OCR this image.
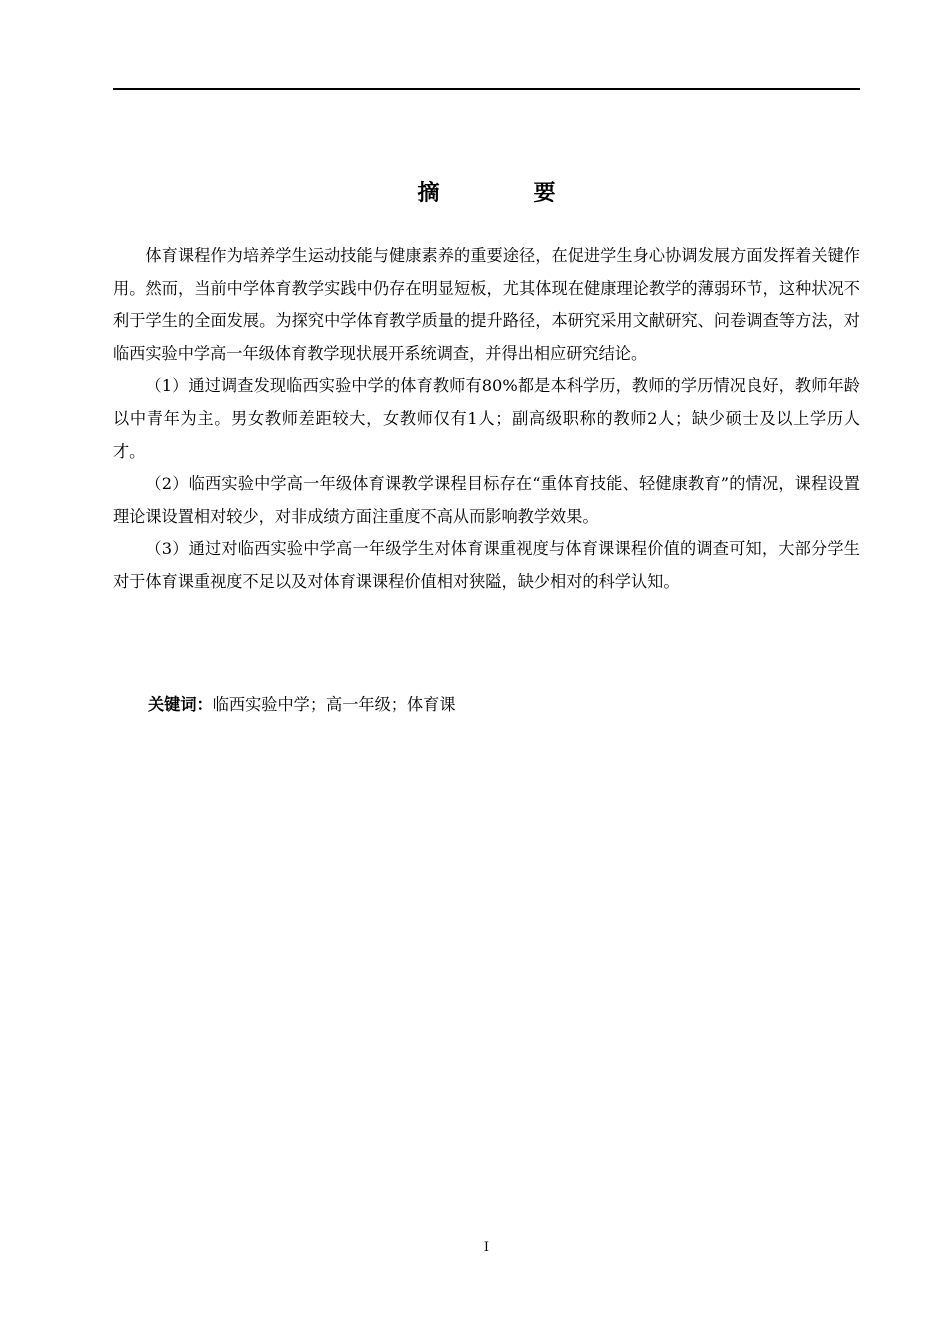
摘　要

体育课程作为培养学生运动技能与健康素养的重要途径，在促进学生身心协调发展方面发挥着关键作用。然而，当前中学体育教学实践中仍存在明显短板，尤其体现在健康理论教学的薄弱环节，这种状况不利于学生的全面发展。为探究中学体育教学质量的提升路径，本研究采用文献研究、问卷调查等方法，对临西实验中学高一年级体育教学现状展开系统调查，并得出相应研究结论。

（1）通过调查发现临西实验中学的体育教师有80%都是本科学历，教师的学历情况良好，教师年龄以中青年为主。男女教师差距较大，女教师仅有1人；副高级职称的教师2人；缺少硕士及以上学历人才。

（2）临西实验中学高一年级体育课教学课程目标存在“重体育技能、轻健康教育”的情况，课程设置理论课设置相对较少，对非成绩方面注重度不高从而影响教学效果。

（3）通过对临西实验中学高一年级学生对体育课重视度与体育课课程价值的调查可知，大部分学生对于体育课重视度不足以及对体育课课程价值相对狭隘，缺少相对的科学认知。

关键词：临西实验中学；高一年级；体育课
I
